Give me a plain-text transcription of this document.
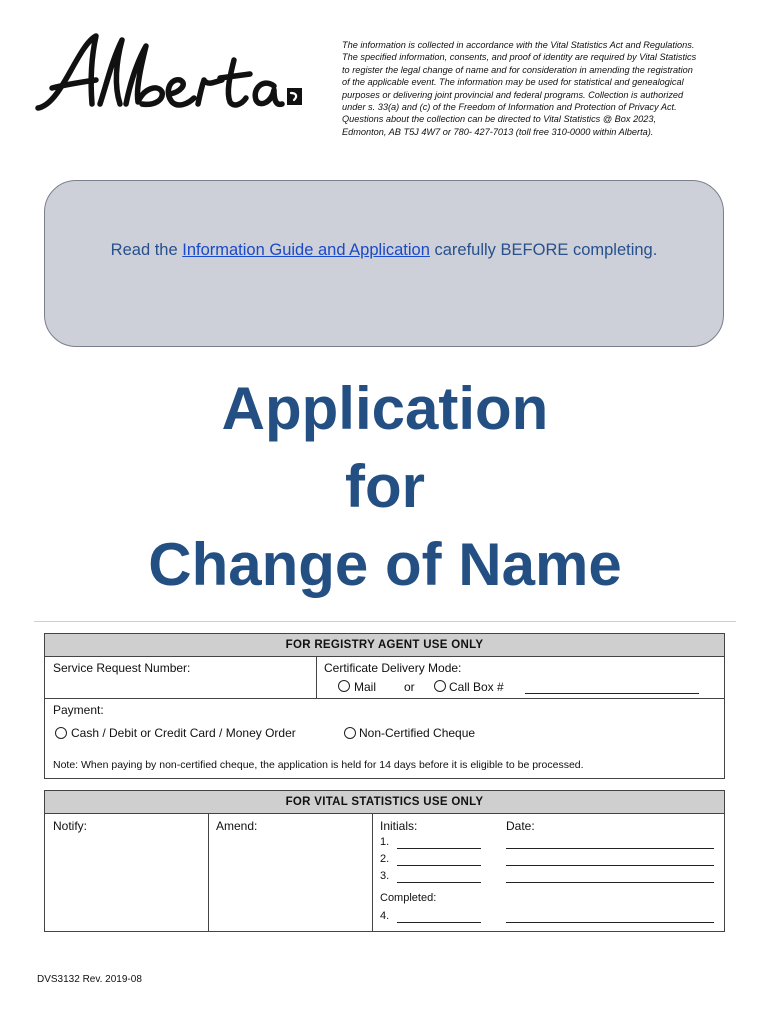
The information is collected in accordance with the Vital Statistics Act and Regulations.
The specified information, consents, and proof of identity are required by Vital Statistics
to register the legal change of name and for consideration in amending the registration
of the applicable event. The information may be used for statistical and genealogical
purposes or delivering joint provincial and federal programs. Collection is authorized
under s. 33(a) and (c) of the Freedom of Information and Protection of Privacy Act.
Questions about the collection can be directed to Vital Statistics @ Box 2023,
Edmonton, AB T5J 4W7 or 780- 427-7013 (toll free 310-0000 within Alberta).
Read the Information Guide and Application carefully BEFORE completing.
Application
for
Change of Name
FOR REGISTRY AGENT USE ONLY
Service Request Number:	Certificate Delivery Mode:
Mail or	Call Box #
Payment:
Cash / Debit or Credit Card / Money Order	Non-Certified Cheque
Note: When paying by non-certified cheque, the application is held for 14 days before it is eligible to be processed.
FOR VITAL STATISTICS USE ONLY
Notify:	Amend:	Initials:	Date:
1.
2.
3.
Completed:
4.
DVS3132 Rev. 2019-08
